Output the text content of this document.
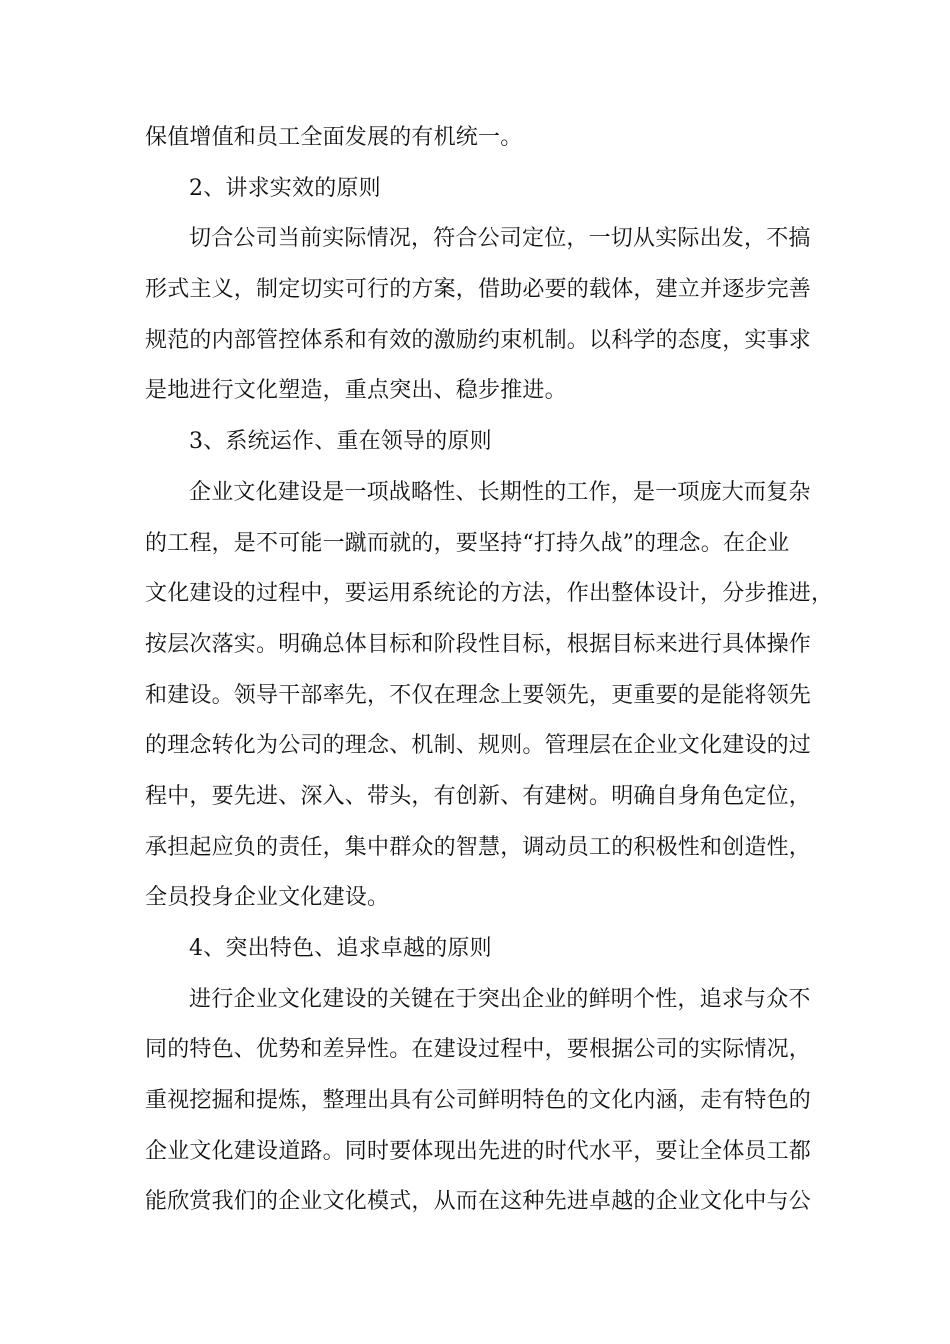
保值增值和员工全面发展的有机统一。
2、讲求实效的原则
切合公司当前实际情况，符合公司定位，一切从实际出发，不搞
形式主义，制定切实可行的方案，借助必要的载体，建立并逐步完善
规范的内部管控体系和有效的激励约束机制。以科学的态度，实事求
是地进行文化塑造，重点突出、稳步推进。
3、系统运作、重在领导的原则
企业文化建设是一项战略性、长期性的工作，是一项庞大而复杂
的工程，是不可能一蹴而就的，要坚持“打持久战”的理念。在企业
文化建设的过程中，要运用系统论的方法，作出整体设计，分步推进，
按层次落实。明确总体目标和阶段性目标，根据目标来进行具体操作
和建设。领导干部率先，不仅在理念上要领先，更重要的是能将领先
的理念转化为公司的理念、机制、规则。管理层在企业文化建设的过
程中，要先进、深入、带头，有创新、有建树。明确自身角色定位，
承担起应负的责任，集中群众的智慧，调动员工的积极性和创造性，
全员投身企业文化建设。
4、突出特色、追求卓越的原则
进行企业文化建设的关键在于突出企业的鲜明个性，追求与众不
同的特色、优势和差异性。在建设过程中，要根据公司的实际情况，
重视挖掘和提炼，整理出具有公司鲜明特色的文化内涵，走有特色的
企业文化建设道路。同时要体现出先进的时代水平，要让全体员工都
能欣赏我们的企业文化模式，从而在这种先进卓越的企业文化中与公
